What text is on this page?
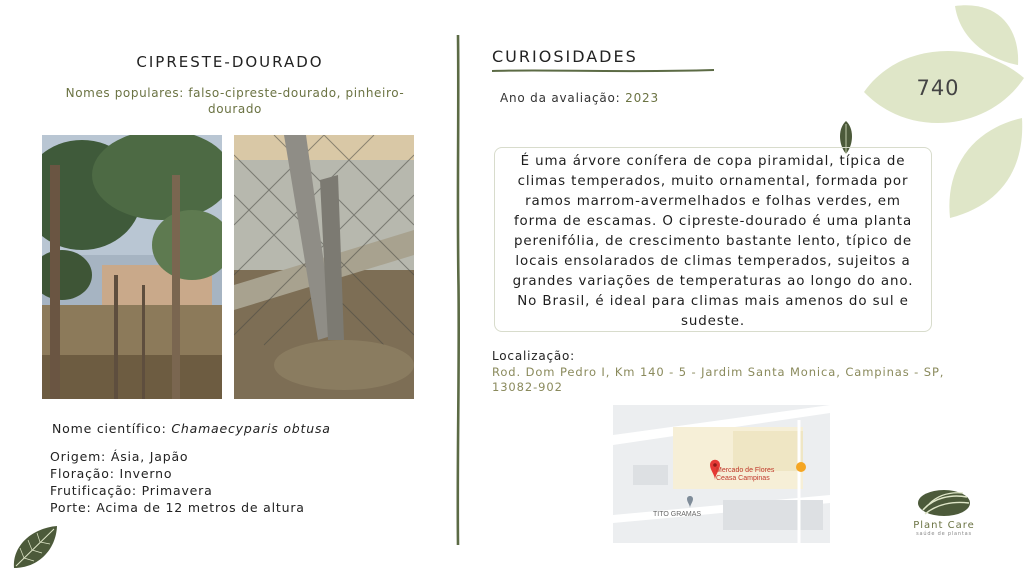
CIPRESTE-DOURADO
Nomes populares: falso-cipreste-dourado, pinheiro-dourado
Nome científico: Chamaecyparis obtusa
Origem: Ásia, Japão
Floração: Inverno
Frutificação: Primavera
Porte: Acima de 12 metros de altura
CURIOSIDADES
Ano da avaliação: 2023	740
É uma árvore conífera de copa piramidal, típica de climas temperados, muito ornamental, formada por ramos marrom-avermelhados e folhas verdes, em forma de escamas. O cipreste-dourado é uma planta perenifólia, de crescimento bastante lento, típico de locais ensolarados de climas temperados, sujeitos a grandes variações de temperaturas ao longo do ano. No Brasil, é ideal para climas mais amenos do sul e sudeste.
Localização:
Rod. Dom Pedro I, Km 140 - 5 - Jardim Santa Monica, Campinas - SP, 13082-902
Mercado de Flores
Ceasa Campinas
TITO GRAMAS
Plant Care
saúde de plantas
